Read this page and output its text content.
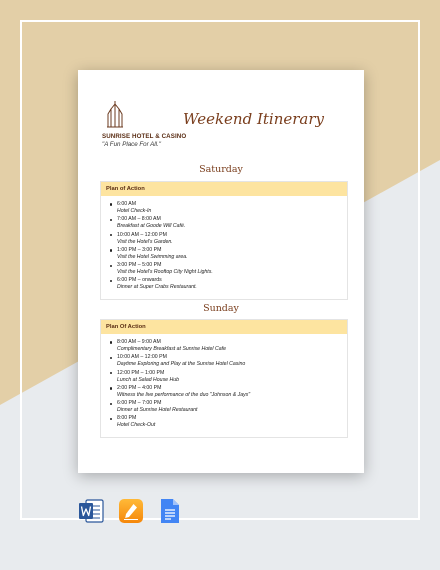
SUNRISE HOTEL & CASINO
"A Fun Place For All."
Weekend Itinerary
Saturday
Plan of Action
6:00 AM
Hotel Check-In
7:00 AM – 8:00 AM
Breakfast at Goode Will Café.
10:00 AM – 12:00 PM
Visit the Hotel's Garden.
1:00 PM – 3:00 PM
Visit the Hotel Swimming area.
3:00 PM – 5:00 PM
Visit the Hotel's Rooftop City Night Lights.
6:00 PM – onwards
Dinner at Super Crabs Restaurant.
Sunday
Plan Of Action
8:00 AM – 9:00 AM
Complimentary Breakfast at Sunrise Hotel Cafe
10:00 AM – 12:00 PM
Daytime Exploring and Play at the Sunrise Hotel Casino
12:00 PM – 1:00 PM
Lunch at Salad House Hub
2:00 PM – 4:00 PM
Witness the live performance of the duo "Johnson & Jays"
6:00 PM – 7:00 PM
Dinner at Sunrise Hotel Restaurant
8:00 PM
Hotel Check-Out
